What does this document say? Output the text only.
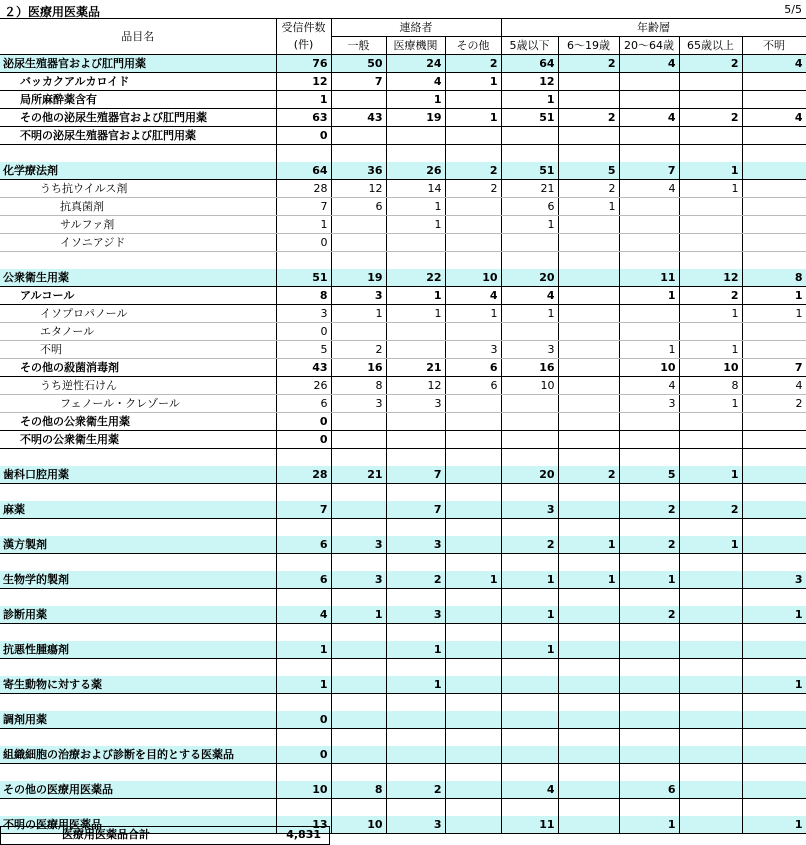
２）医療用医薬品	5/5
品目名	受信件数	連絡者			年齢層				
	(件)	一般	医療機関	その他	5歳以下	6～19歳	20～64歳	65歳以上	不明
泌尿生殖器官および肛門用薬	76	50	24	2	64	2	4	2	4
バッカクアルカロイド	12	7	4	1	12				
局所麻酔薬含有	1		1		1				
その他の泌尿生殖器官および肛門用薬	63	43	19	1	51	2	4	2	4
不明の泌尿生殖器官および肛門用薬	0								

化学療法剤	64	36	26	2	51	5	7	1	
うち抗ウイルス剤	28	12	14	2	21	2	4	1	
抗真菌剤	7	6	1		6	1			
サルファ剤	1		1		1				
イソニアジド	0								

公衆衛生用薬	51	19	22	10	20		11	12	8
アルコール	8	3	1	4	4		1	2	1
イソプロパノール	3	1	1	1	1			1	1
エタノール	0								
不明	5	2		3	3		1	1	
その他の殺菌消毒剤	43	16	21	6	16		10	10	7
うち逆性石けん	26	8	12	6	10		4	8	4
フェノール・クレゾール	6	3	3				3	1	2
その他の公衆衛生用薬	0								
不明の公衆衛生用薬	0								

歯科口腔用薬	28	21	7		20	2	5	1	

麻薬	7		7		3		2	2	

漢方製剤	6	3	3		2	1	2	1	

生物学的製剤	6	3	2	1	1	1	1		3

診断用薬	4	1	3		1		2		1

抗悪性腫瘍剤	1		1		1				

寄生動物に対する薬	1		1						1

調剤用薬	0								

組織細胞の治療および診断を目的とする医薬品	0								

その他の医療用医薬品	10	8	2		4		6		

不明の医療用医薬品	13	10	3		11		1		1
医療用医薬品合計	4,831
